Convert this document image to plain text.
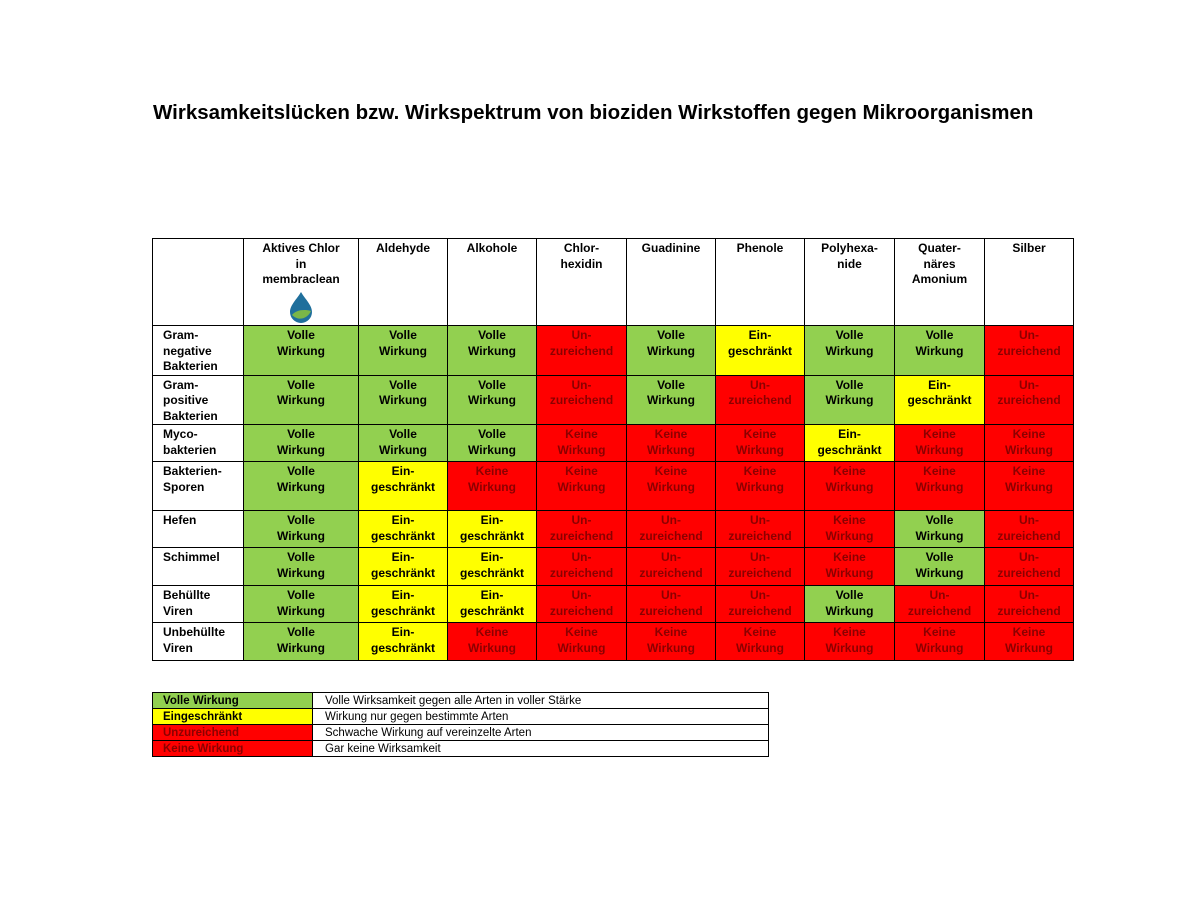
Wirksamkeitslücken bzw. Wirkspektrum von bioziden Wirkstoffen gegen Mikroorganismen

	Aktives Chlor
in
membraclean	Aldehyde	Alkohole	Chlor-
hexidin	Guadinine	Phenole	Polyhexa-
nide	Quater-
näres
Amonium	Silber

Gram-
negative
Bakterien	Volle
Wirkung	Volle
Wirkung	Volle
Wirkung	Un-
zureichend	Volle
Wirkung	Ein-
geschränkt	Volle
Wirkung	Volle
Wirkung	Un-
zureichend

Gram-
positive
Bakterien	Volle
Wirkung	Volle
Wirkung	Volle
Wirkung	Un-
zureichend	Volle
Wirkung	Un-
zureichend	Volle
Wirkung	Ein-
geschränkt	Un-
zureichend

Myco-
bakterien	Volle
Wirkung	Volle
Wirkung	Volle
Wirkung	Keine
Wirkung	Keine
Wirkung	Keine
Wirkung	Ein-
geschränkt	Keine
Wirkung	Keine
Wirkung

Bakterien-
Sporen	Volle
Wirkung	Ein-
geschränkt	Keine
Wirkung	Keine
Wirkung	Keine
Wirkung	Keine
Wirkung	Keine
Wirkung	Keine
Wirkung	Keine
Wirkung

Hefen	Volle
Wirkung	Ein-
geschränkt	Ein-
geschränkt	Un-
zureichend	Un-
zureichend	Un-
zureichend	Keine
Wirkung	Volle
Wirkung	Un-
zureichend

Schimmel	Volle
Wirkung	Ein-
geschränkt	Ein-
geschränkt	Un-
zureichend	Un-
zureichend	Un-
zureichend	Keine
Wirkung	Volle
Wirkung	Un-
zureichend

Behüllte
Viren	Volle
Wirkung	Ein-
geschränkt	Ein-
geschränkt	Un-
zureichend	Un-
zureichend	Un-
zureichend	Volle
Wirkung	Un-
zureichend	Un-
zureichend

Unbehüllte
Viren	Volle
Wirkung	Ein-
geschränkt	Keine
Wirkung	Keine
Wirkung	Keine
Wirkung	Keine
Wirkung	Keine
Wirkung	Keine
Wirkung	Keine
Wirkung
Volle Wirkung	Volle Wirksamkeit gegen alle Arten in voller Stärke
Eingeschränkt	Wirkung nur gegen bestimmte Arten
Unzureichend	Schwache Wirkung auf vereinzelte Arten
Keine Wirkung	Gar keine Wirksamkeit
